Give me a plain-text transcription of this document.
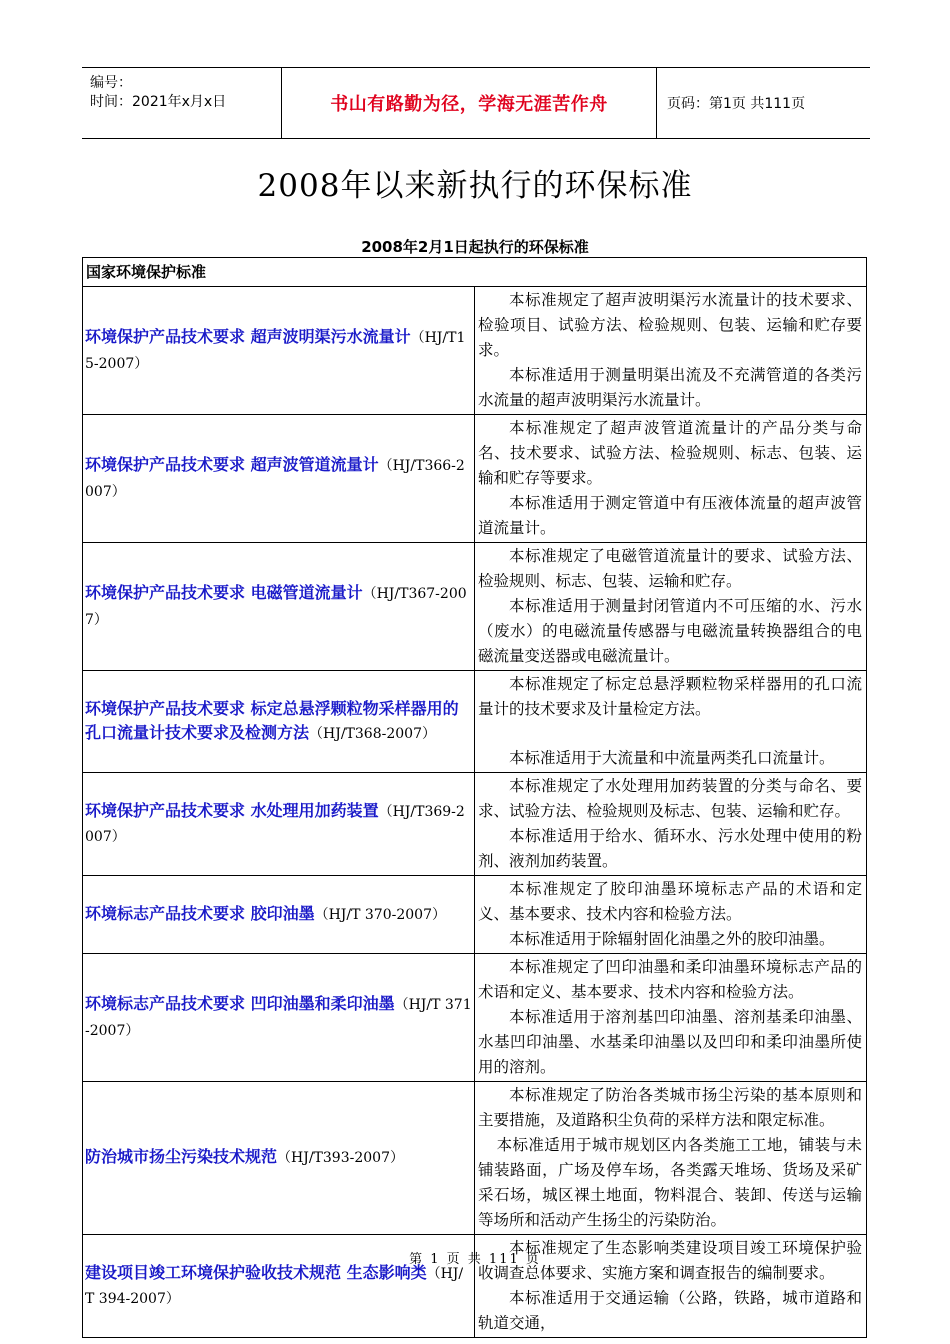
编号：
时间：2021年x月x日	书山有路勤为径，学海无涯苦作舟	页码：第1页 共111页
2008年以来新执行的环保标准
2008年2月1日起执行的环保标准
国家环境保护标准	
环境保护产品技术要求 超声波明渠污水流量计（HJ/T15-2007）	本标准规定了超声波明渠污水流量计的技术要求、检验项目、试验方法、检验规则、包装、运输和贮存要求。

本标准适用于测量明渠出流及不充满管道的各类污水流量的超声波明渠污水流量计。

环境保护产品技术要求 超声波管道流量计（HJ/T366-2007）	本标准规定了超声波管道流量计的产品分类与命名、技术要求、试验方法、检验规则、标志、包装、运输和贮存等要求。

本标准适用于测定管道中有压液体流量的超声波管道流量计。

环境保护产品技术要求 电磁管道流量计（HJ/T367-2007）	本标准规定了电磁管道流量计的要求、试验方法、检验规则、标志、包装、运输和贮存。

本标准适用于测量封闭管道内不可压缩的水、污水（废水）的电磁流量传感器与电磁流量转换器组合的电磁流量变送器或电磁流量计。

环境保护产品技术要求 标定总悬浮颗粒物采样器用的孔口流量计技术要求及检测方法（HJ/T368-2007）	本标准规定了标定总悬浮颗粒物采样器用的孔口流量计的技术要求及计量检定方法。

本标准适用于大流量和中流量两类孔口流量计。

环境保护产品技术要求 水处理用加药装置（HJ/T369-2007）	本标准规定了水处理用加药装置的分类与命名、要求、试验方法、检验规则及标志、包装、运输和贮存。

本标准适用于给水、循环水、污水处理中使用的粉剂、液剂加药装置。

环境标志产品技术要求 胶印油墨（HJ/T 370-2007）	本标准规定了胶印油墨环境标志产品的术语和定义、基本要求、技术内容和检验方法。

本标准适用于除辐射固化油墨之外的胶印油墨。

环境标志产品技术要求 凹印油墨和柔印油墨（HJ/T 371 -2007）	本标准规定了凹印油墨和柔印油墨环境标志产品的术语和定义、基本要求、技术内容和检验方法。

本标准适用于溶剂基凹印油墨、溶剂基柔印油墨、水基凹印油墨、水基柔印油墨以及凹印和柔印油墨所使用的溶剂。

防治城市扬尘污染技术规范（HJ/T393-2007）	本标准规定了防治各类城市扬尘污染的基本原则和主要措施，及道路积尘负荷的采样方法和限定标准。

本标准适用于城市规划区内各类施工工地，铺装与未铺装路面，广场及停车场，各类露天堆场、货场及采矿采石场，城区裸土地面，物料混合、装卸、传送与运输等场所和活动产生扬尘的污染防治。

建设项目竣工环境保护验收技术规范 生态影响类（HJ/T 394-2007）	本标准规定了生态影响类建设项目竣工环境保护验收调查总体要求、实施方案和调查报告的编制要求。

本标准适用于交通运输（公路，铁路，城市道路和轨道交通，

第 1 页 共 111 页
